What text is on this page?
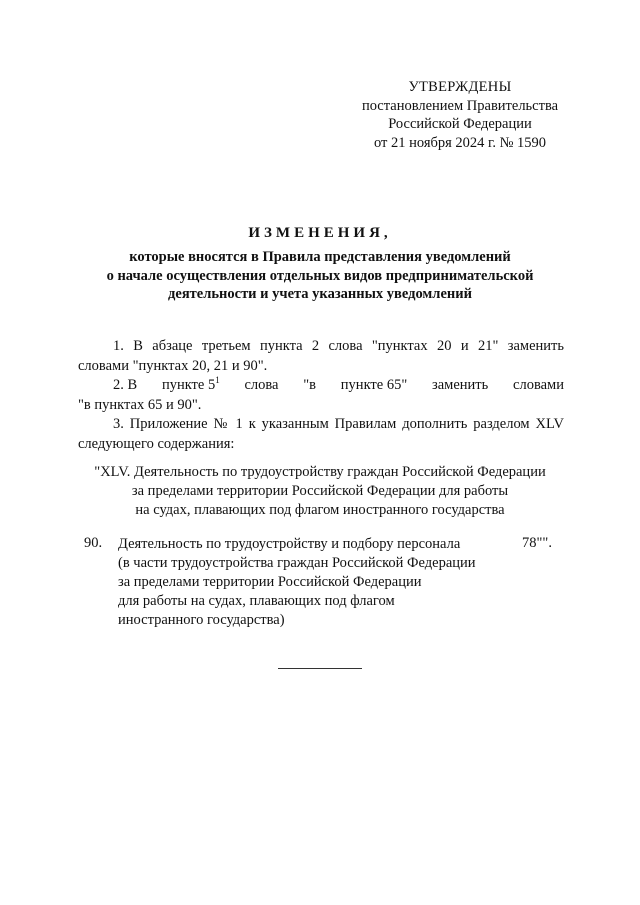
УТВЕРЖДЕНЫ
постановлением Правительства
Российской Федерации
от 21 ноября 2024 г. № 1590
ИЗМЕНЕНИЯ,
которые вносятся в Правила представления уведомлений
о начале осуществления отдельных видов предпринимательской
деятельности и учета указанных уведомлений
1. В абзаце третьем пункта 2 слова "пунктах 20 и 21" заменить
словами "пунктах 20, 21 и 90".
2. В пункте $5^1$ слова "в пункте 65" заменить словами
"в пунктах 65 и 90".
3. Приложение № 1 к указанным Правилам дополнить разделом XLV
следующего содержания:
"XLV. Деятельность по трудоустройству граждан Российской Федерации
за пределами территории Российской Федерации для работы
на судах, плавающих под флагом иностранного государства
90. Деятельность по трудоустройству и подбору персонала
(в части трудоустройства граждан Российской Федерации
за пределами территории Российской Федерации
для работы на судах, плавающих под флагом
иностранного государства)
78"".
